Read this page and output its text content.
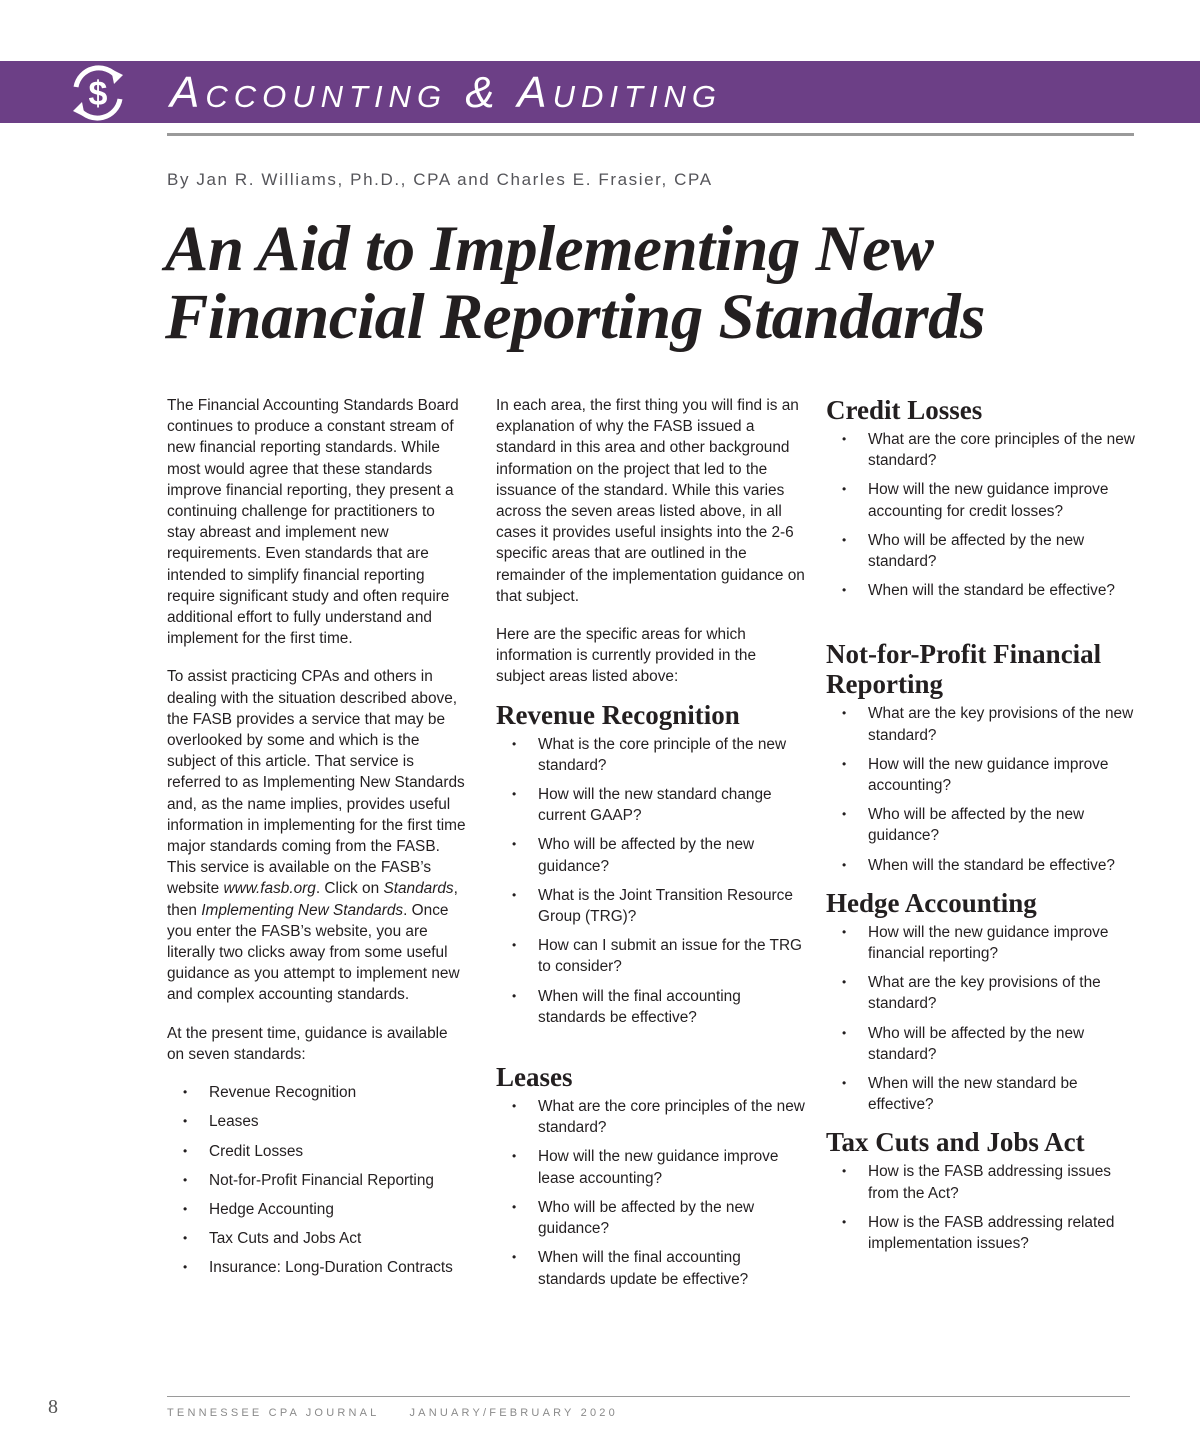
$ Accounting & Auditing
By Jan R. Williams, Ph.D., CPA and Charles E. Frasier, CPA
An Aid to Implementing New
Financial Reporting Standards

The Financial Accounting Standards Board continues to produce a constant stream of new financial reporting standards. While most would agree that these standards improve financial reporting, they present a continuing challenge for practitioners to stay abreast and implement new requirements. Even standards that are intended to simplify financial reporting require significant study and often require additional effort to fully understand and implement for the first time.

To assist practicing CPAs and others in dealing with the situation described above, the FASB provides a service that may be overlooked by some and which is the subject of this article. That service is referred to as Implementing New Standards and, as the name implies, provides useful information in implementing for the first time major standards coming from the FASB. This service is available on the FASB’s website www.fasb.org. Click on Standards, then Implementing New Standards. Once you enter the FASB’s website, you are literally two clicks away from some useful guidance as you attempt to implement new and complex accounting standards.

At the present time, guidance is available on seven standards:

• Revenue Recognition
• Leases
• Credit Losses
• Not-for-Profit Financial Reporting
• Hedge Accounting
• Tax Cuts and Jobs Act
• Insurance: Long-Duration Contracts

In each area, the first thing you will find is an explanation of why the FASB issued a standard in this area and other background information on the project that led to the issuance of the standard. While this varies across the seven areas listed above, in all cases it provides useful insights into the 2-6 specific areas that are outlined in the remainder of the implementation guidance on that subject.

Here are the specific areas for which information is currently provided in the subject areas listed above:

Revenue Recognition
• What is the core principle of the new standard?
• How will the new standard change current GAAP?
• Who will be affected by the new guidance?
• What is the Joint Transition Resource Group (TRG)?
• How can I submit an issue for the TRG to consider?
• When will the final accounting standards be effective?
Leases
• What are the core principles of the new standard?
• How will the new guidance improve lease accounting?
• Who will be affected by the new guidance?
• When will the final accounting standards update be effective?
Credit Losses
• What are the core principles of the new standard?
• How will the new guidance improve accounting for credit losses?
• Who will be affected by the new standard?
• When will the standard be effective?
Not-for-Profit Financial Reporting
• What are the key provisions of the new standard?
• How will the new guidance improve accounting?
• Who will be affected by the new guidance?
• When will the standard be effective?
Hedge Accounting
• How will the new guidance improve financial reporting?
• What are the key provisions of the standard?
• Who will be affected by the new standard?
• When will the new standard be effective?
Tax Cuts and Jobs Act
• How is the FASB addressing issues from the Act?
• How is the FASB addressing related implementation issues?
8	TENNESSEE CPA JOURNAL	JANUARY/FEBRUARY 2020
